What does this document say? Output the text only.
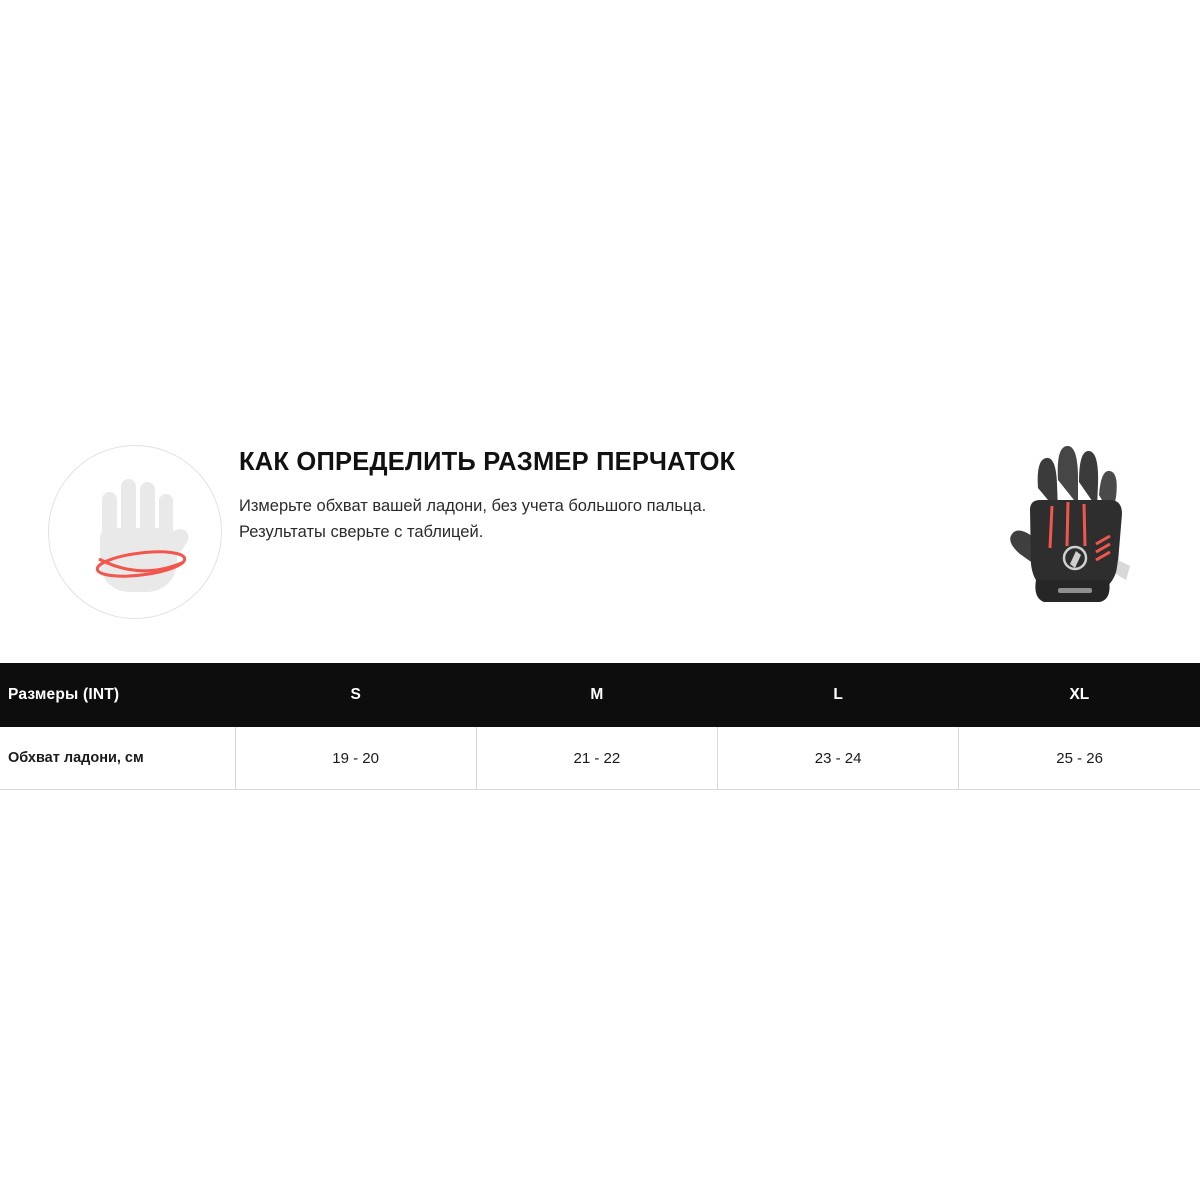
КАК ОПРЕДЕЛИТЬ РАЗМЕР ПЕРЧАТОК

Измерьте обхват вашей ладони, без учета большого пальца.

Результаты сверьте с таблицей.

Размеры (INT)	S	M	L	XL
Обхват ладони, см	19 - 20	21 - 22	23 - 24	25 - 26
